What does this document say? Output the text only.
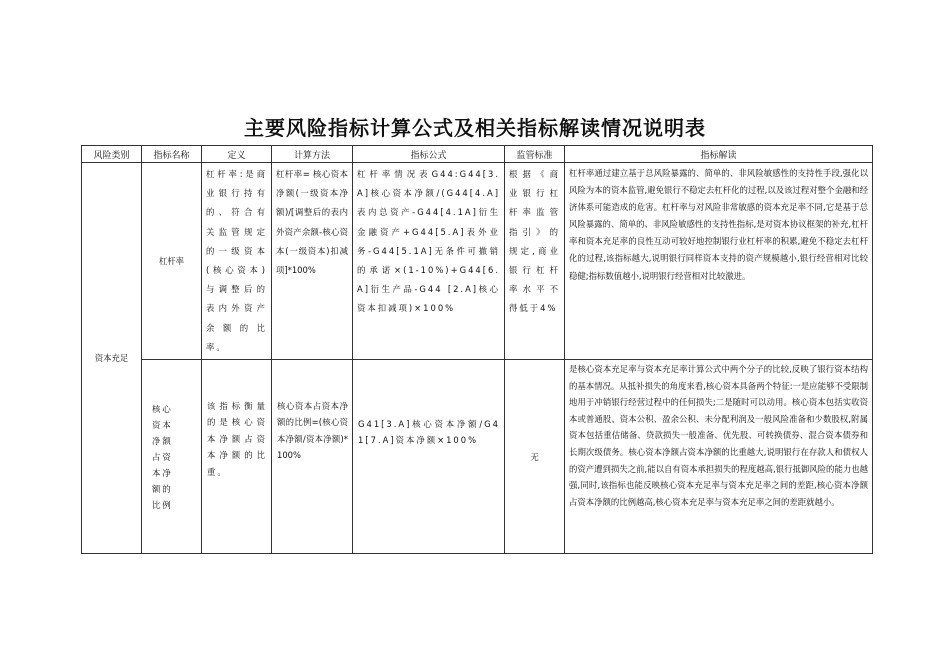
主要风险指标计算公式及相关指标解读情况说明表
风险类别	指标名称	定义	计算方法	指标公式	监管标准	指标解读
资本充足	杠杆率	杠杆率:是商业银行持有的、符合有关监管规定的一级资本(核心资本)与调整后的表内外资产余额的比率。	杠杆率= 核心资本净额(一级资本净额)/[调整后的表内外资产余额-核心资本(一级资本)扣减项]*100%	杠杆率情况表G44:G44[3.A]核心资本净额/(G44[4.A]表内总资产-G44[4.1A]衍生金融资产+G44[5.A]表外业务-G44[5.1A]无条件可撤销的承诺×(1-10%)+G44[6.A]衍生产品-G44 [2.A]核心资本扣减项)×100%	根据《商业银行杠杆率监管指引》的规定,商业银行杠杆率水平不得低于4%	杠杆率通过建立基于总风险暴露的、简单的、非风险敏感性的支持性手段,强化以风险为本的资本监管,避免银行不稳定去杠杆化的过程,以及该过程对整个金融和经济体系可能造成的危害。杠杆率与对风险非常敏感的资本充足率不同,它是基于总风险暴露的、简单的、非风险敏感性的支持性指标,是对资本协议框架的补充,杠杆率和资本充足率的良性互动可较好地控制银行业杠杆率的积累,避免不稳定去杠杆化的过程,该指标越大,说明银行同样资本支持的资产规模越小,银行经营相对比较稳健;指标数值越小,说明银行经营相对比较激进。
	核心资本净额占资本净额的比例	该指标衡量的是核心资本净额占资本净额的比重。	核心资本占资本净额的比例=(核心资本净额/资本净额)*100%	G41[3.A]核心资本净额/G41[7.A]资本净额×100%	无	是核心资本充足率与资本充足率计算公式中两个分子的比较,反映了银行资本结构的基本情况。从抵补损失的角度来看,核心资本具备两个特征:一是应能够不受限制地用于冲销银行经营过程中的任何损失;二是随时可以动用。核心资本包括实收资本或普通股、资本公积、盈余公积、未分配利润及一般风险准备和少数股权,附属资本包括重估储备、贷款损失一般准备、优先股、可转换债券、混合资本债券和长期次级债务。核心资本净额占资本净额的比重越大,说明银行在存款人和债权人的资产遭到损失之前,能以自有资本承担损失的程度越高,银行抵御风险的能力也越强,同时,该指标也能反映核心资本充足率与资本充足率之间的差距,核心资本净额占资本净额的比例越高,核心资本充足率与资本充足率之间的差距就越小。
